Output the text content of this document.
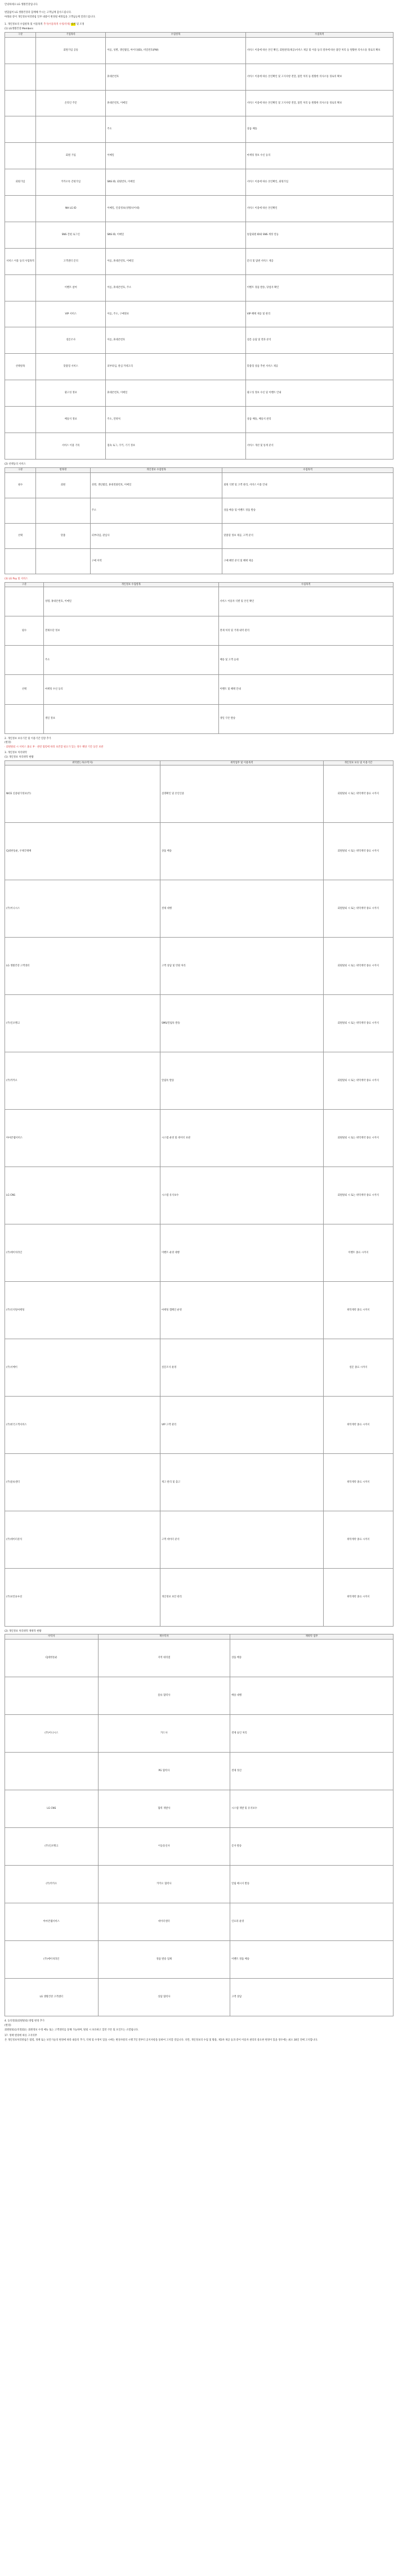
안녕하세요 LG 생활건강입니다.

변함없이 LG 생활건강과 함께해 주시는 고객님께 감사드립니다.

아래와 같이 개인정보처리방침 일부 내용이 변경될 예정임을 고객님들께 알려드립니다.

1. 개인정보의 수집항목 및 이용목적 추가(이용목적 수정/삭제) 범위 및 조정

(1) LG생활건강 Members

구분	기업목록	수집항목	수집목적
	회원가입 공통	이름, 성별, 생년월일, 아이디(ID), 비밀번호(PW)	서비스 이용에 따른 본인 확인, 회원관리(제공)서비스 제공 및 이용 등의 절차에 따른 불만 처리 등 원활한 의사소통 경로의 확보
		휴대폰번호	서비스 이용에 따른 본인확인 및 고지사항 전달, 불만 처리 등 원활한 의사소통 경로의 확보
	온라인 주문	휴대폰번호, 이메일	서비스 이용에 따른 본인확인 및 고지사항 전달, 불만 처리 등 원활한 의사소통 경로의 확보
		주소	상품 배송
	회원 가입	이메일	마케팅 정보 수신 동의
회원가입	카카오톡 간편가입	SNS ID, 회원번호, 이메일	서비스 이용에 따른 본인확인, 회원가입
	NH LG ID	이메일, 인증정보(성별/나이대)	서비스 이용에 따른 본인확인
	SNS 간편 로그인	SNS ID, 이메일	통합회원 ID와 SNS 계정 연동
서비스 이용 등의 사업목적	고객센터 문의	이름, 휴대폰번호, 이메일	문의 및 답변 서비스 제공
	이벤트 참여	이름, 휴대폰번호, 주소	이벤트 경품 발송, 당첨자 확인
	VIP 서비스	이름, 주소, 구매정보	VIP 혜택 제공 및 관리
	설문조사	이름, 휴대폰번호	설문 응답 및 결과 분석
선택항목	맞춤형 서비스	피부타입, 관심 카테고리	맞춤형 상품 추천 서비스 제공
	광고성 정보	휴대폰번호, 이메일	광고성 정보 수신 및 이벤트 안내
	배송지 정보	주소, 연락처	상품 배송, 배송지 관리
	서비스 이용 기록	접속 로그, 쿠키, 기기 정보	서비스 개선 및 통계 분석

(2) 선택동의 서비스

구분	항목명	개인정보 수집항목	수집목적
필수	회원	성명, 생년월일, 휴대전화번호, 이메일	회원 식별 및 고객 관리, 서비스 이용 안내
		주소	상품 배송 및 이벤트 경품 발송
선택	맞춤	피부타입, 관심사	맞춤형 정보 제공, 고객 분석
		구매 이력	구매 패턴 분석 및 혜택 제공

(3) LG Pay 및 서비스

구분	개인정보 수집항목	수집목적
	성명, 휴대폰번호, 이메일	서비스 이용자 식별 및 본인 확인
필수	결제수단 정보	결제 처리 및 거래 내역 관리
	주소	배송 및 고객 응대
선택	마케팅 수신 동의	이벤트 및 혜택 안내
	생일 정보	생일 쿠폰 발송

2. 개인정보 보유기간 및 이용기간 연장 추가

(변경)

· 회원탈퇴 시 서비스 종료 후 · 관련 법령에 따라 보존할 필요가 있는 경우 해당 기간 동안 보관

3. 개인정보 처리위탁

(1) 개인정보 처리위탁 현황

위탁받는자(수탁자)	위탁업무 및 이용목적	개인정보 보유 및 이용기간
NICE 신용평가정보(주)	실명확인 및 본인인증	회원탈퇴 시 또는 위탁계약 종료 시까지
CJ대한통운, 우체국택배	상품 배송	회원탈퇴 시 또는 위탁계약 종료 시까지
(주)이니시스	결제 대행	회원탈퇴 시 또는 위탁계약 종료 시까지
LG 생활건강 고객센터	고객 상담 및 민원 처리	회원탈퇴 시 또는 위탁계약 종료 시까지
(주)인포뱅크	SMS/알림톡 발송	회원탈퇴 시 또는 위탁계약 종료 시까지
(주)카카오	알림톡 발송	회원탈퇴 시 또는 위탁계약 종료 시까지
아마존웹서비스	시스템 운영 및 데이터 보관	회원탈퇴 시 또는 위탁계약 종료 시까지
LG CNS	시스템 유지보수	회원탈퇴 시 또는 위탁계약 종료 시까지
(주)에이치라인	이벤트 운영 대행	이벤트 종료 시까지
(주)디지털마케팅	마케팅 캠페인 운영	위탁계약 종료 시까지
(주)서베이	설문조사 운영	설문 종료 시까지
(주)한국고객서비스	VIP 고객 관리	위탁계약 종료 시까지
(주)물류센터	재고 관리 및 출고	위탁계약 종료 시까지
(주)데이터분석	고객 데이터 분석	위탁계약 종료 시까지
(주)보안솔루션	개인정보 보안 관리	위탁계약 종료 시까지

(2) 개인정보 처리위탁 재위탁 현황

수탁자	재수탁자	재위탁 업무
CJ대한통운	지역 대리점	상품 배송
	물류 협력사	배송 대행
(주)이니시스	카드사	결제 승인 처리
	PG 협력사	결제 정산
LG CNS	협력 개발사	시스템 개발 및 유지보수
(주)인포뱅크	이동통신사	문자 발송
(주)카카오	카카오 협력사	알림 메시지 발송
아마존웹서비스	데이터센터	인프라 운영
(주)에이치라인	경품 발송 업체	이벤트 경품 배송
LG 생활건강 고객센터	상담 협력사	고객 상담

4. 동의철회(회원탈퇴) 방법 변경 추가

(변경)

회원탈퇴(동의철회)는 회원정보 수정 메뉴 또는 고객센터를 통해 가능하며, 탈퇴 시 보유하고 있던 쿠폰 및 포인트는 소멸됩니다.

17. 정책 변경에 따른 고지의무

본 개인정보처리방침은 법령, 정책 또는 보안기술의 변경에 따라 내용의 추가, 삭제 및 수정이 있을 시에는 변경사항의 시행 7일 전부터 공지사항을 통하여 고지할 것입니다. 다만, 개인정보의 수집 및 활용, 제3자 제공 등과 같이 이용자 권리의 중요한 변경이 있을 경우에는 최소 30일 전에 고지합니다.
